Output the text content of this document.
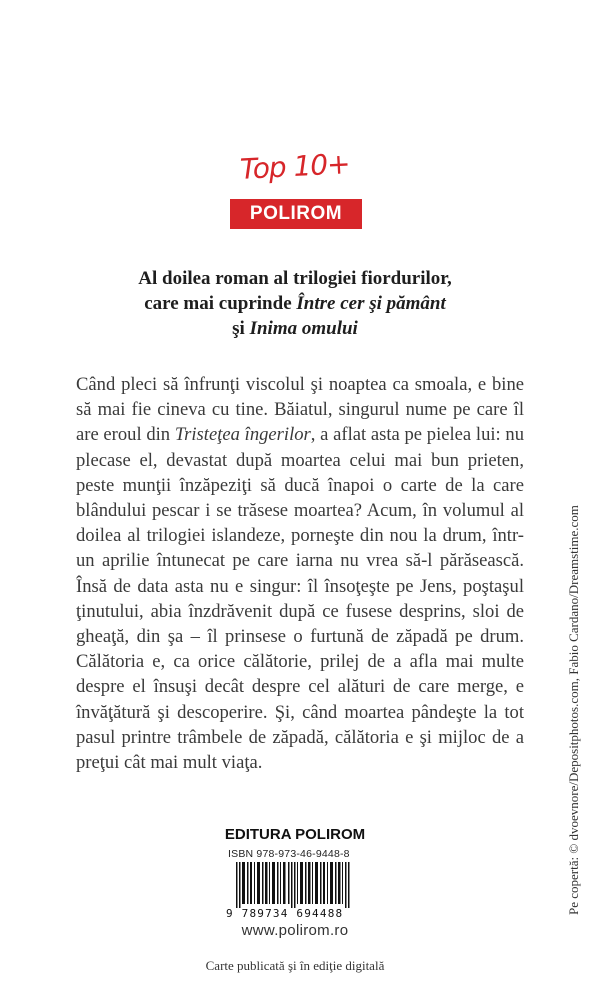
Top 10+
POLIROM
Al doilea roman al trilogiei fiordurilor,
care mai cuprinde Între cer şi pământ
şi Inima omului
Când pleci să înfrunţi viscolul şi noaptea ca smoala, e bine să mai fie cineva cu tine. Băiatul, singurul nume pe care îl are eroul din Tristeţea îngerilor, a aflat asta pe pielea lui: nu plecase el, devastat după moartea celui mai bun prieten, peste munţii înzăpeziţi să ducă înapoi o carte de la care blândului pescar i se trăsese moartea? Acum, în volumul al doilea al trilogiei islandeze, porneşte din nou la drum, într-un aprilie întunecat pe care iarna nu vrea să-l părăsească. Însă de data asta nu e singur: îl însoţeşte pe Jens, poştaşul ţinutului, abia înzdrăvenit după ce fusese desprins, sloi de gheaţă, din şa – îl prinsese o furtună de zăpadă pe drum. Călătoria e, ca orice călătorie, prilej de a afla mai multe despre el însuşi decât despre cel alături de care merge, e învăţătură şi descoperire. Şi, când moartea pândeşte la tot pasul printre trâmbele de zăpadă, călătoria e şi mijloc de a preţui cât mai mult viaţa.	Pe copertă: © dvoevnore/Depositphotos.com, Fabio Cardano/Dreamstime.com
EDITURA POLIROM
ISBN 978-973-46-9448-8
9 789734 694488
www.polirom.ro
Carte publicată şi în ediţie digitală
